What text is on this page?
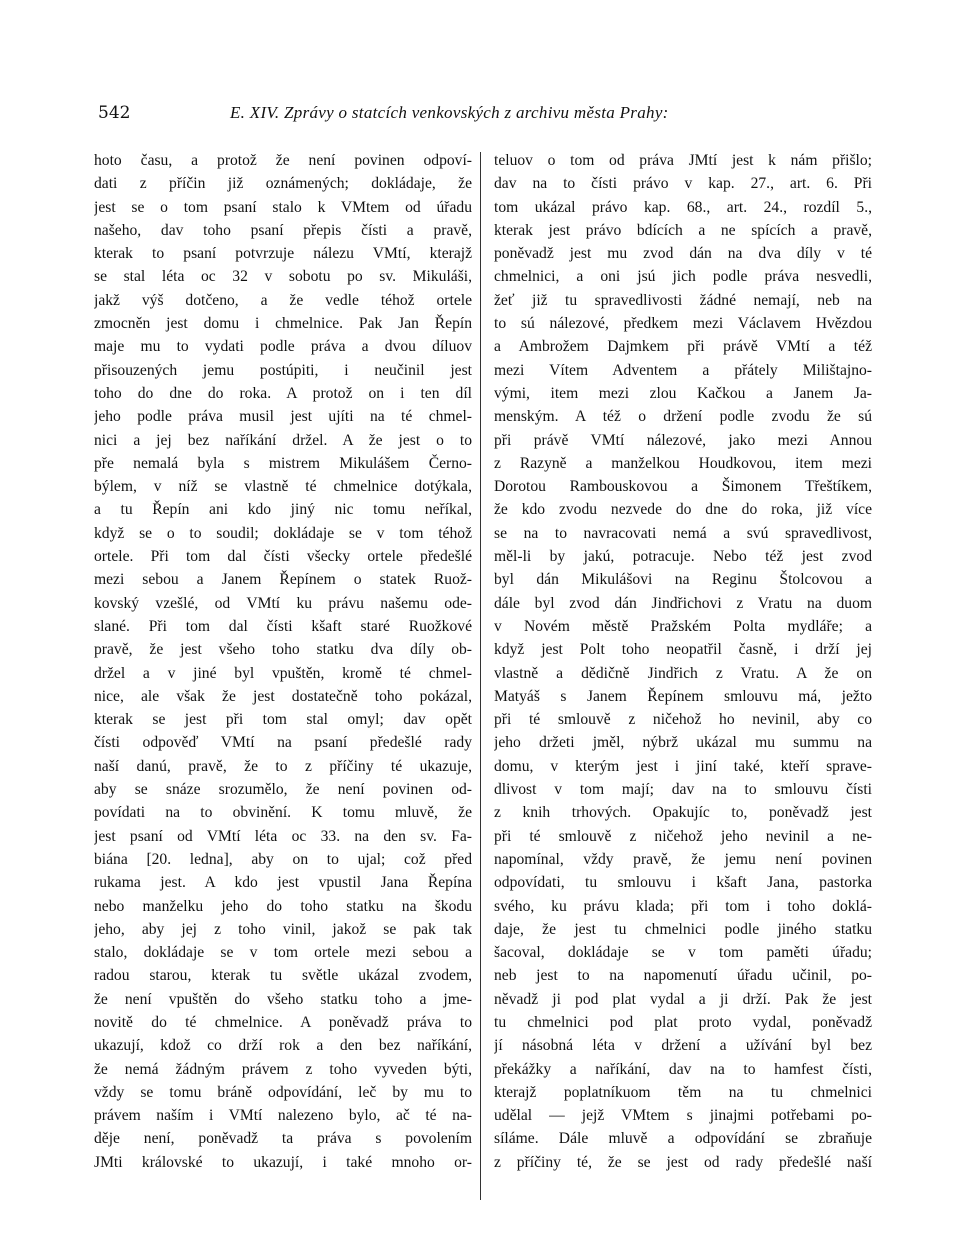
542	E. XIV. Zprávy o statcích venkovských z archivu města Prahy:
hoto času, a protož že není povinen odpoví-
dati z příčin již oznámených; dokládaje, že
jest se o tom psaní stalo k VMtem od úřadu
našeho, dav toho psaní přepis čísti a pravě,
kterak to psaní potvrzuje nálezu VMtí, kterajž
se stal léta oc 32 v sobotu po sv. Mikuláši,
jakž výš dotčeno, a že vedle téhož ortele
zmocněn jest domu i chmelnice. Pak Jan Řepín
maje mu to vydati podle práva a dvou díluov
přisouzených jemu postúpiti, i neučinil jest
toho do dne do roka. A protož on i ten díl
jeho podle práva musil jest ujíti na té chmel-
nici a jej bez naříkání držel. A že jest o to
pře nemalá byla s mistrem Mikulášem Černo-
býlem, v níž se vlastně té chmelnice dotýkala,
a tu Řepín ani kdo jiný nic tomu neříkal,
když se o to soudil; dokládaje se v tom téhož
ortele. Při tom dal čísti všecky ortele předešlé
mezi sebou a Janem Řepínem o statek Ruož-
kovský vzešlé, od VMtí ku právu našemu ode-
slané. Při tom dal čísti kšaft staré Ruožkové
pravě, že jest všeho toho statku dva díly ob-
držel a v jiné byl vpuštěn, kromě té chmel-
nice, ale však že jest dostatečně toho pokázal,
kterak se jest při tom stal omyl; dav opět
čísti odpověď VMtí na psaní předešlé rady
naší danú, pravě, že to z příčiny té ukazuje,
aby se snáze srozumělo, že není povinen od-
povídati na to obvinění. K tomu mluvě, že
jest psaní od VMtí léta oc 33. na den sv. Fa-
biána [20. ledna], aby on to ujal; což před
rukama jest. A kdo jest vpustil Jana Řepína
nebo manželku jeho do toho statku na škodu
jeho, aby jej z toho vinil, jakož se pak tak
stalo, dokládaje se v tom ortele mezi sebou a
radou starou, kterak tu světle ukázal zvodem,
že není vpuštěn do všeho statku toho a jme-
novitě do té chmelnice. A poněvadž práva to
ukazují, kdož co drží rok a den bez naříkání,
že nemá žádným právem z toho vyveden býti,
vždy se tomu bráně odpovídání, leč by mu to
právem naším i VMtí nalezeno bylo, ač té na-
děje není, poněvadž ta práva s povolením
JMti královské to ukazují, i také mnoho or-
teluov o tom od práva JMtí jest k nám přišlo;
dav na to čísti právo v kap. 27., art. 6. Při
tom ukázal právo kap. 68., art. 24., rozdíl 5.,
kterak jest právo bdících a ne spících a pravě,
poněvadž jest mu zvod dán na dva díly v té
chmelnici, a oni jsú jich podle práva nesvedli,
žeť již tu spravedlivosti žádné nemají, neb na
to sú nálezové, předkem mezi Václavem Hvězdou
a Ambrožem Dajmkem při právě VMtí a též
mezi Vítem Adventem a přátely Milištajno-
vými, item mezi zlou Kačkou a Janem Ja-
menským. A též o držení podle zvodu že sú
při právě VMtí nálezové, jako mezi Annou
z Razyně a manželkou Houdkovou, item mezi
Dorotou Rambouskovou a Šimonem Třeštíkem,
že kdo zvodu nezvede do dne do roka, již více
se na to navracovati nemá a svú spravedlivost,
měl-li by jakú, potracuje. Nebo též jest zvod
byl dán Mikulášovi na Reginu Štolcovou a
dále byl zvod dán Jindřichovi z Vratu na duom
v Novém městě Pražském Polta mydláře; a
když jest Polt toho neopatřil časně, i drží jej
vlastně a dědičně Jindřich z Vratu. A že on
Matyáš s Janem Řepínem smlouvu má, ježto
při té smlouvě z ničehož ho nevinil, aby co
jeho držeti jměl, nýbrž ukázal mu summu na
domu, v kterým jest i jiní také, kteří sprave-
dlivost v tom mají; dav na to smlouvu čísti
z knih trhových. Opakujíc to, poněvadž jest
při té smlouvě z ničehož jeho nevinil a ne-
napomínal, vždy pravě, že jemu není povinen
odpovídati, tu smlouvu i kšaft Jana, pastorka
svého, ku právu klada; při tom i toho doklá-
daje, že jest tu chmelnici podle jiného statku
šacoval, dokládaje se v tom paměti úřadu;
neb jest to na napomenutí úřadu učinil, po-
něvadž ji pod plat vydal a ji drží. Pak že jest
tu chmelnici pod plat proto vydal, poněvadž
jí násobná léta v držení a užívání byl bez
překážky a naříkání, dav na to hamfest čísti,
kterajž poplatníkuom těm na tu chmelnici
udělal — jejž VMtem s jinajmi potřebami po-
síláme. Dále mluvě a odpovídání se zbraňuje
z příčiny té, že se jest od rady předešlé naší
